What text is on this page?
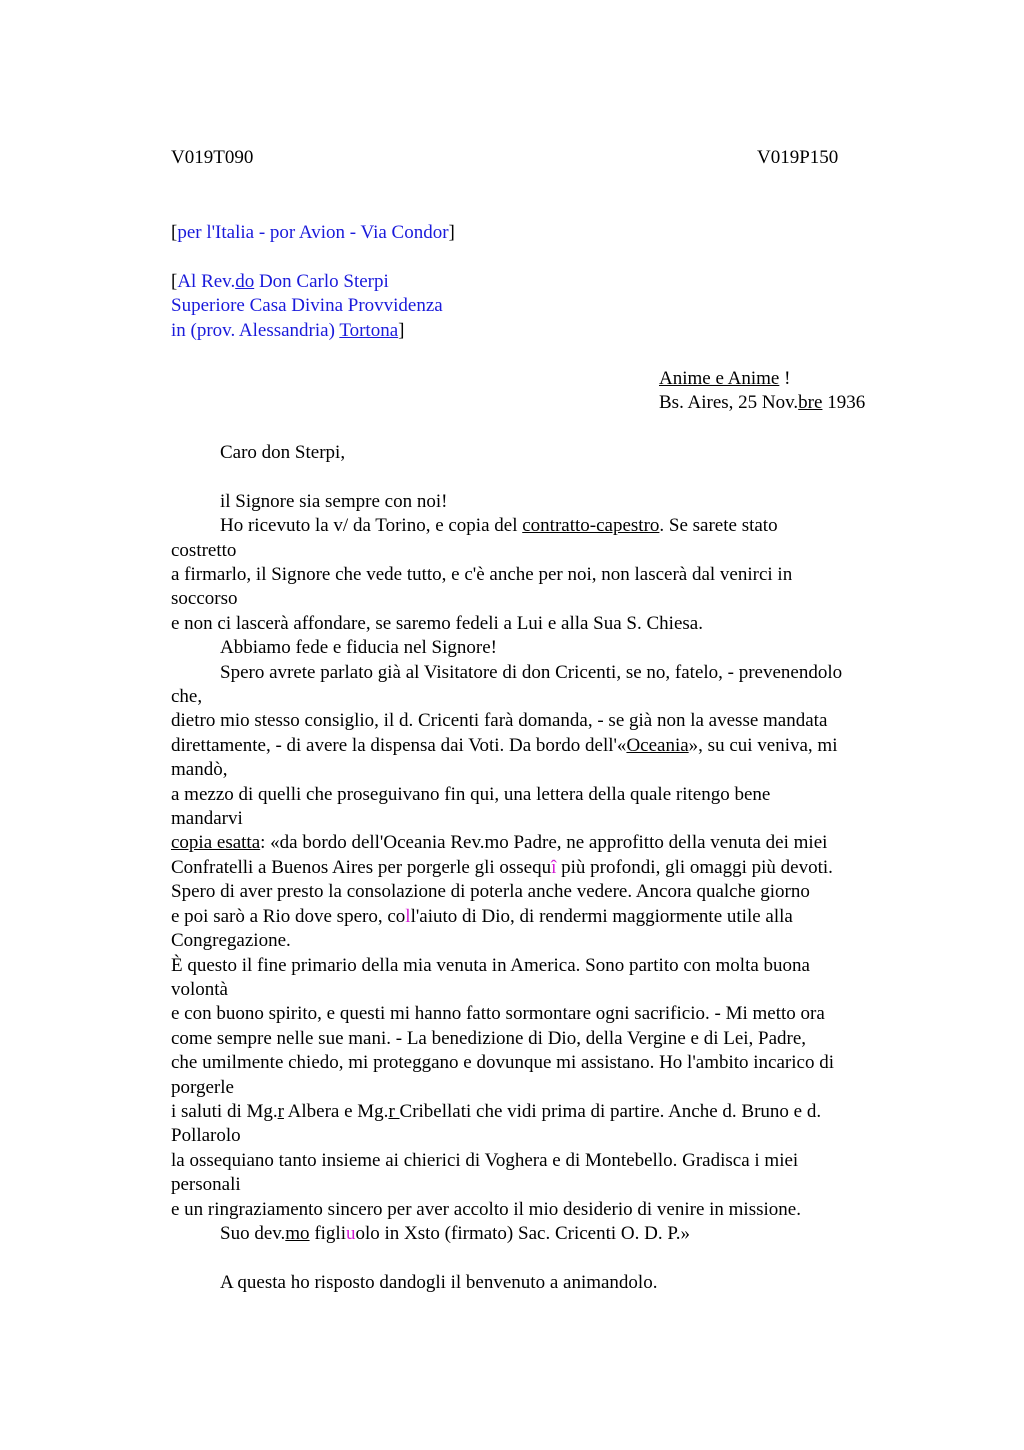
V019T090	V019P150
[per l'Italia - por Avion - Via Condor]
[Al Rev.do Don Carlo Sterpi
Superiore Casa Divina Provvidenza
in (prov. Alessandria) Tortona]
Anime e Anime !
Bs. Aires, 25 Nov.bre 1936
Caro don Sterpi,
il Signore sia sempre con noi!
Ho ricevuto la v/ da Torino, e copia del contratto-capestro. Se sarete stato
costretto
a firmarlo, il Signore che vede tutto, e c'è anche per noi, non lascerà dal venirci in
soccorso
e non ci lascerà affondare, se saremo fedeli a Lui e alla Sua S. Chiesa.
Abbiamo fede e fiducia nel Signore!
Spero avrete parlato già al Visitatore di don Cricenti, se no, fatelo, - prevenendolo
che,
dietro mio stesso consiglio, il d. Cricenti farà domanda, - se già non la avesse mandata
direttamente, - di avere la dispensa dai Voti. Da bordo dell'«Oceania», su cui veniva, mi
mandò,
a mezzo di quelli che proseguivano fin qui, una lettera della quale ritengo bene
mandarvi
copia esatta: «da bordo dell'Oceania Rev.mo Padre, ne approfitto della venuta dei miei
Confratelli a Buenos Aires per porgerle gli ossequî più profondi, gli omaggi più devoti.
Spero di aver presto la consolazione di poterla anche vedere. Ancora qualche giorno
e poi sarò a Rio dove spero, coll'aiuto di Dio, di rendermi maggiormente utile alla
Congregazione.
È questo il fine primario della mia venuta in America. Sono partito con molta buona
volontà
e con buono spirito, e questi mi hanno fatto sormontare ogni sacrificio. - Mi metto ora
come sempre nelle sue mani. - La benedizione di Dio, della Vergine e di Lei, Padre,
che umilmente chiedo, mi proteggano e dovunque mi assistano. Ho l'ambito incarico di
porgerle
i saluti di Mg.r Albera e Mg.r Cribellati che vidi prima di partire. Anche d. Bruno e d.
Pollarolo
la ossequiano tanto insieme ai chierici di Voghera e di Montebello. Gradisca i miei
personali
e un ringraziamento sincero per aver accolto il mio desiderio di venire in missione.
Suo dev.mo figliuolo in Xsto (firmato) Sac. Cricenti O. D. P.»
A questa ho risposto dandogli il benvenuto a animandolo.
